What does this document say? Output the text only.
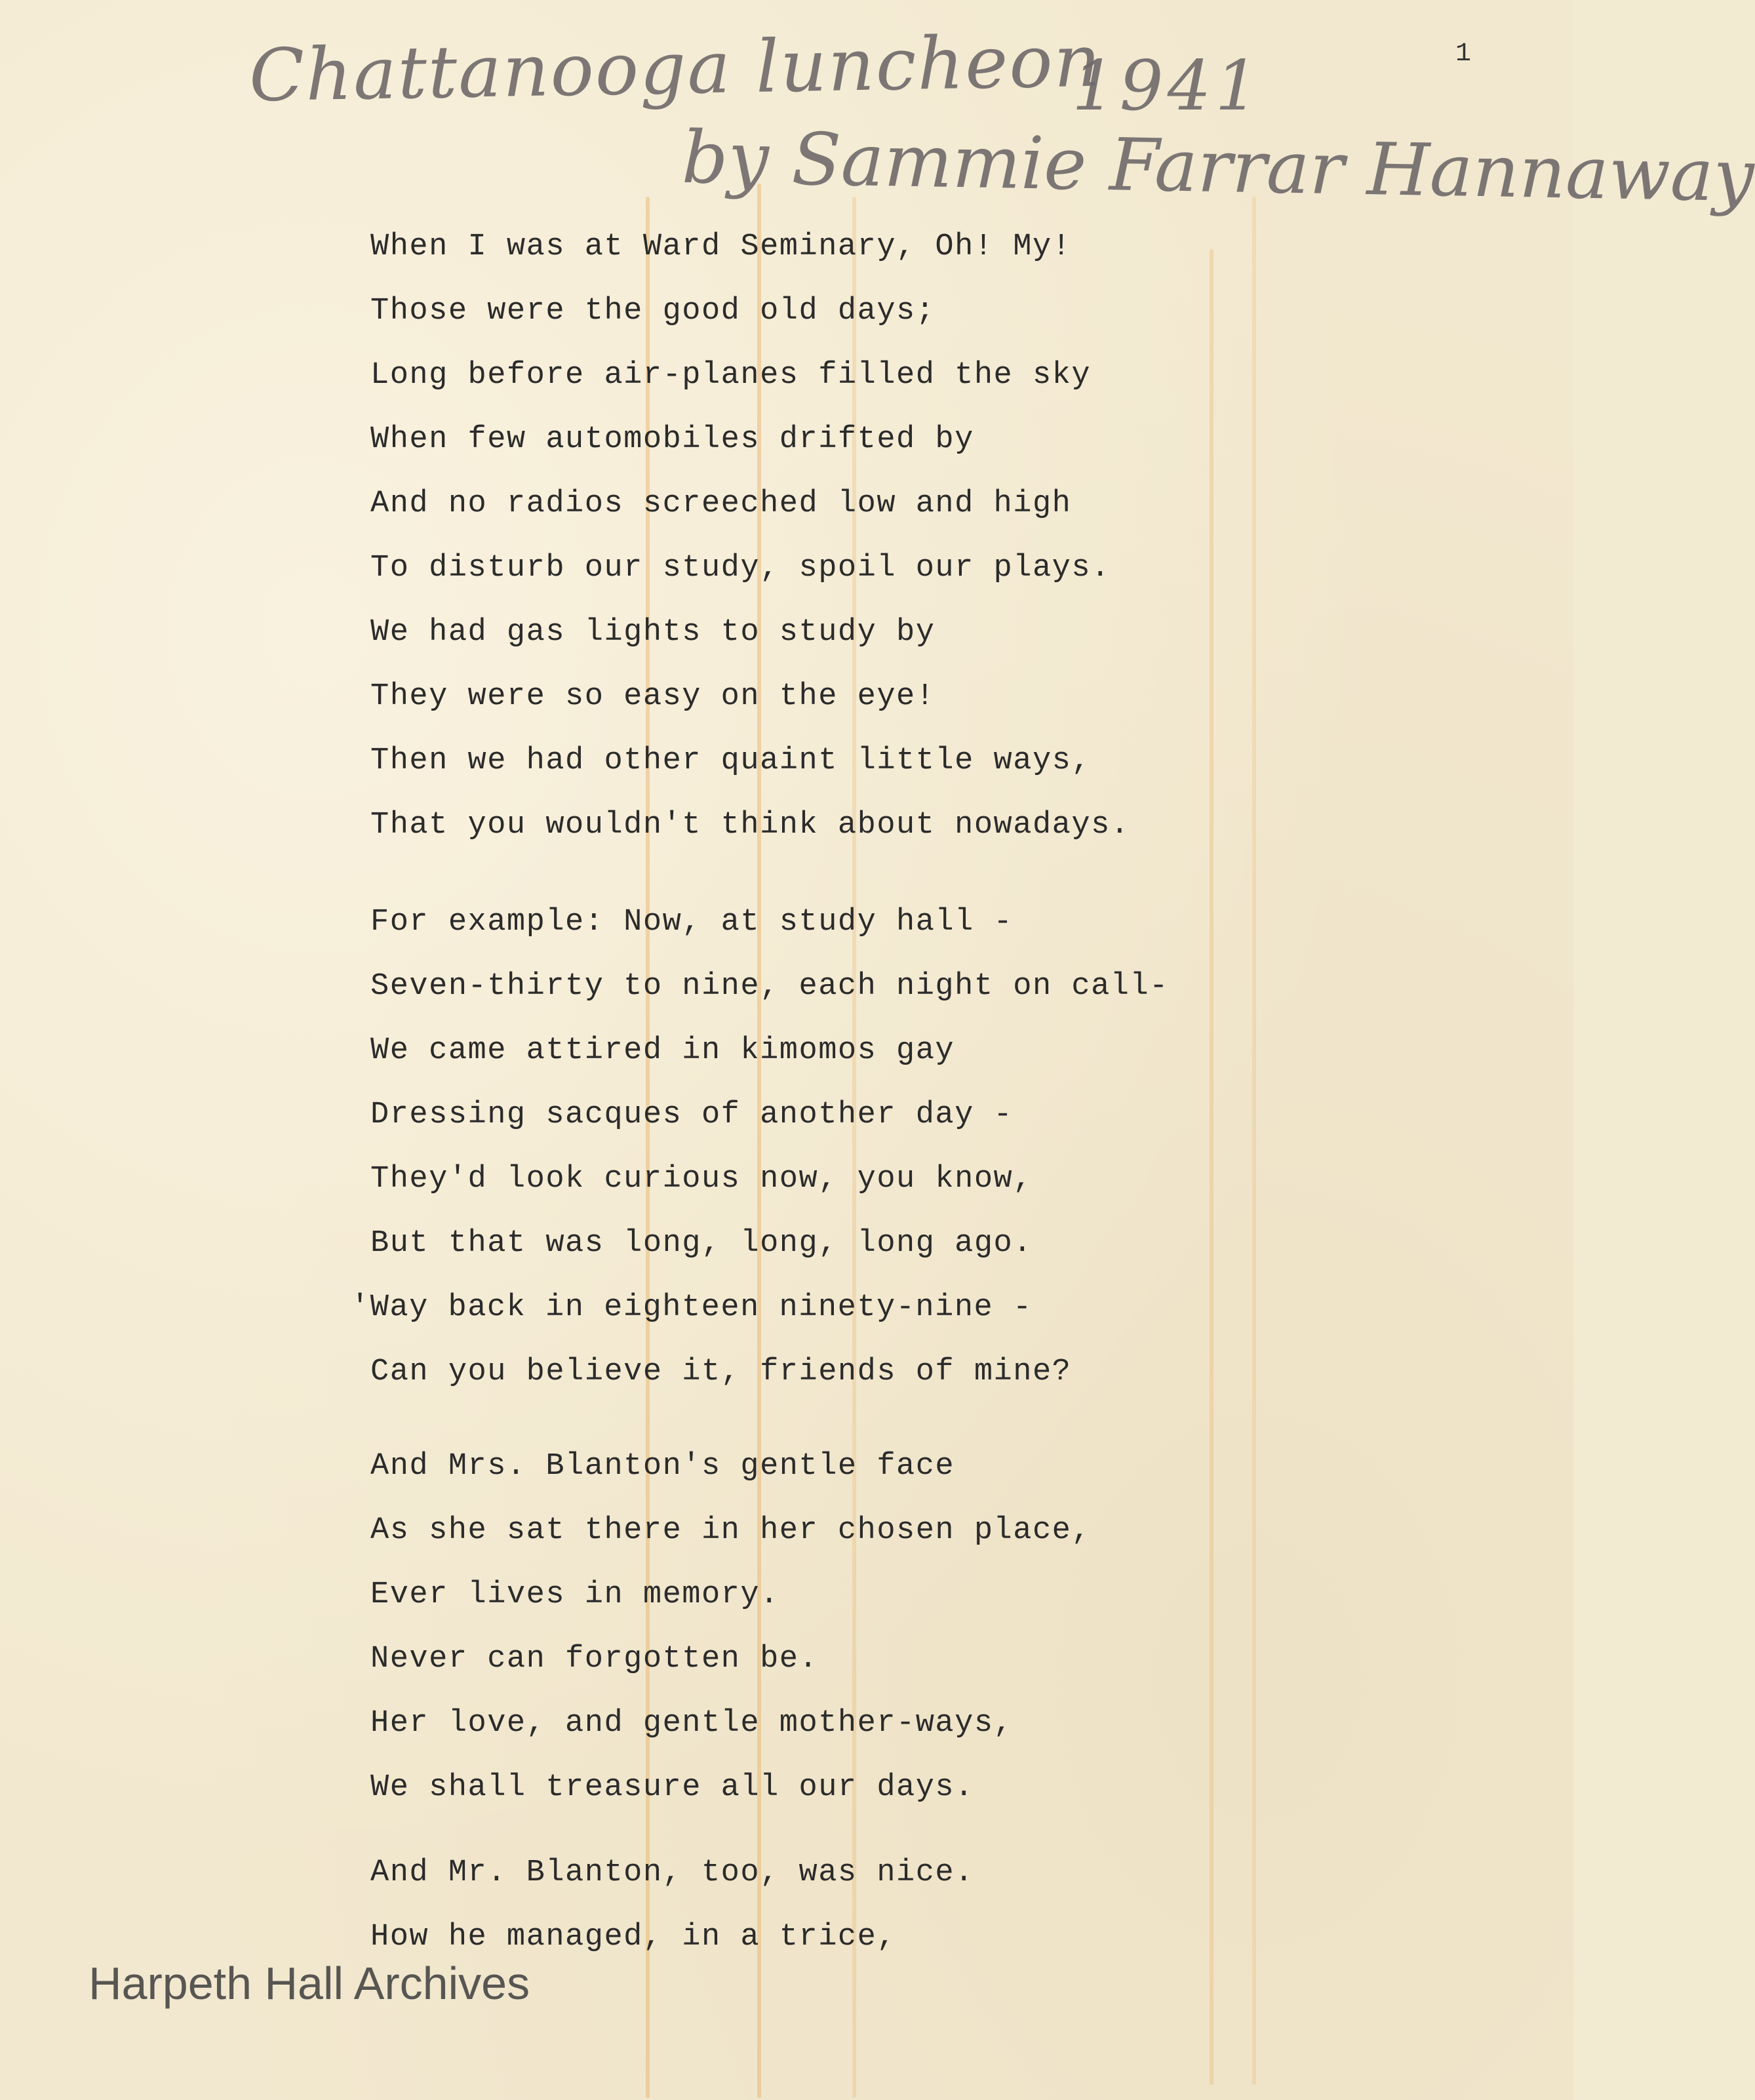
Chattanooga luncheon
1941
by Sammie Farrar Hannaway
1
When I was at Ward Seminary, Oh! My!
Those were the good old days;
Long before air-planes filled the sky
When few automobiles drifted by
And no radios screeched low and high
To disturb our study, spoil our plays.
We had gas lights to study by
They were so easy on the eye!
Then we had other quaint little ways,
That you wouldn't think about nowadays.
For example: Now, at study hall -
Seven-thirty to nine, each night on call-
We came attired in kimomos gay
Dressing sacques of another day -
They'd look curious now, you know,
But that was long, long, long ago.
'Way back in eighteen ninety-nine -
Can you believe it, friends of mine?
And Mrs. Blanton's gentle face
As she sat there in her chosen place,
Ever lives in memory.
Never can forgotten be.
Her love, and gentle mother-ways,
We shall treasure all our days.
And Mr. Blanton, too, was nice.
How he managed, in a trice,
Harpeth Hall Archives
